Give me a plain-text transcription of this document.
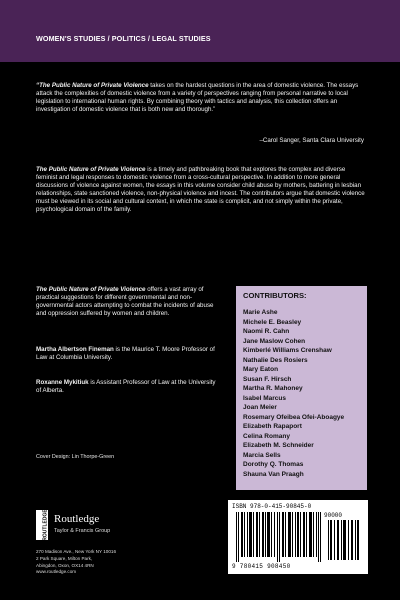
WOMEN'S STUDIES / POLITICS / LEGAL STUDIES
“The Public Nature of Private Violence takes on the hardest questions in the area of domestic violence. The essays attack the complexities of domestic violence from a variety of perspectives ranging from personal narrative to local legislation to international human rights. By combining theory with tactics and analysis, this collection offers an investigation of domestic violence that is both new and thorough.”
–Carol Sanger, Santa Clara University
The Public Nature of Private Violence is a timely and pathbreaking book that explores the complex and diverse feminist and legal responses to domestic violence from a cross-cultural perspective. In addition to more general discussions of violence against women, the essays in this volume consider child abuse by mothers, battering in lesbian relationships, state sanctioned violence, non-physical violence and incest. The contributors argue that domestic violence must be viewed in its social and cultural context, in which the state is complicit, and not simply within the private, psychological domain of the family.
The Public Nature of Private Violence offers a vast array of practical suggestions for different governmental and non-governmental actors attempting to combat the incidents of abuse and oppression suffered by women and children.
Martha Albertson Fineman is the Maurice T. Moore Professor of Law at Columbia University.
Roxanne Mykitiuk is Assistant Professor of Law at the University of Alberta.
CONTRIBUTORS:
Marie Ashe
Michele E. Beasley
Naomi R. Cahn
Jane Maslow Cohen
Kimberlé Williams Crenshaw
Nathalie Des Rosiers
Mary Eaton
Susan F. Hirsch
Martha R. Mahoney
Isabel Marcus
Joan Meier
Rosemary Ofeibea Ofei-Aboagye
Elizabeth Rapaport
Celina Romany
Elizabeth M. Schneider
Marcia Sells
Dorothy Q. Thomas
Shauna Van Praagh
Cover Design: Lin Thorpe-Green
ROUTLEDGE Routledge
Taylor & Francis Group
270 Madison Ave., New York NY 10016
2 Park Square, Milton Park,
Abingdon, Oxon, OX14 4RN
www.routledge.com
ISBN 978-0-415-90845-0
90000
9 780415 908450
